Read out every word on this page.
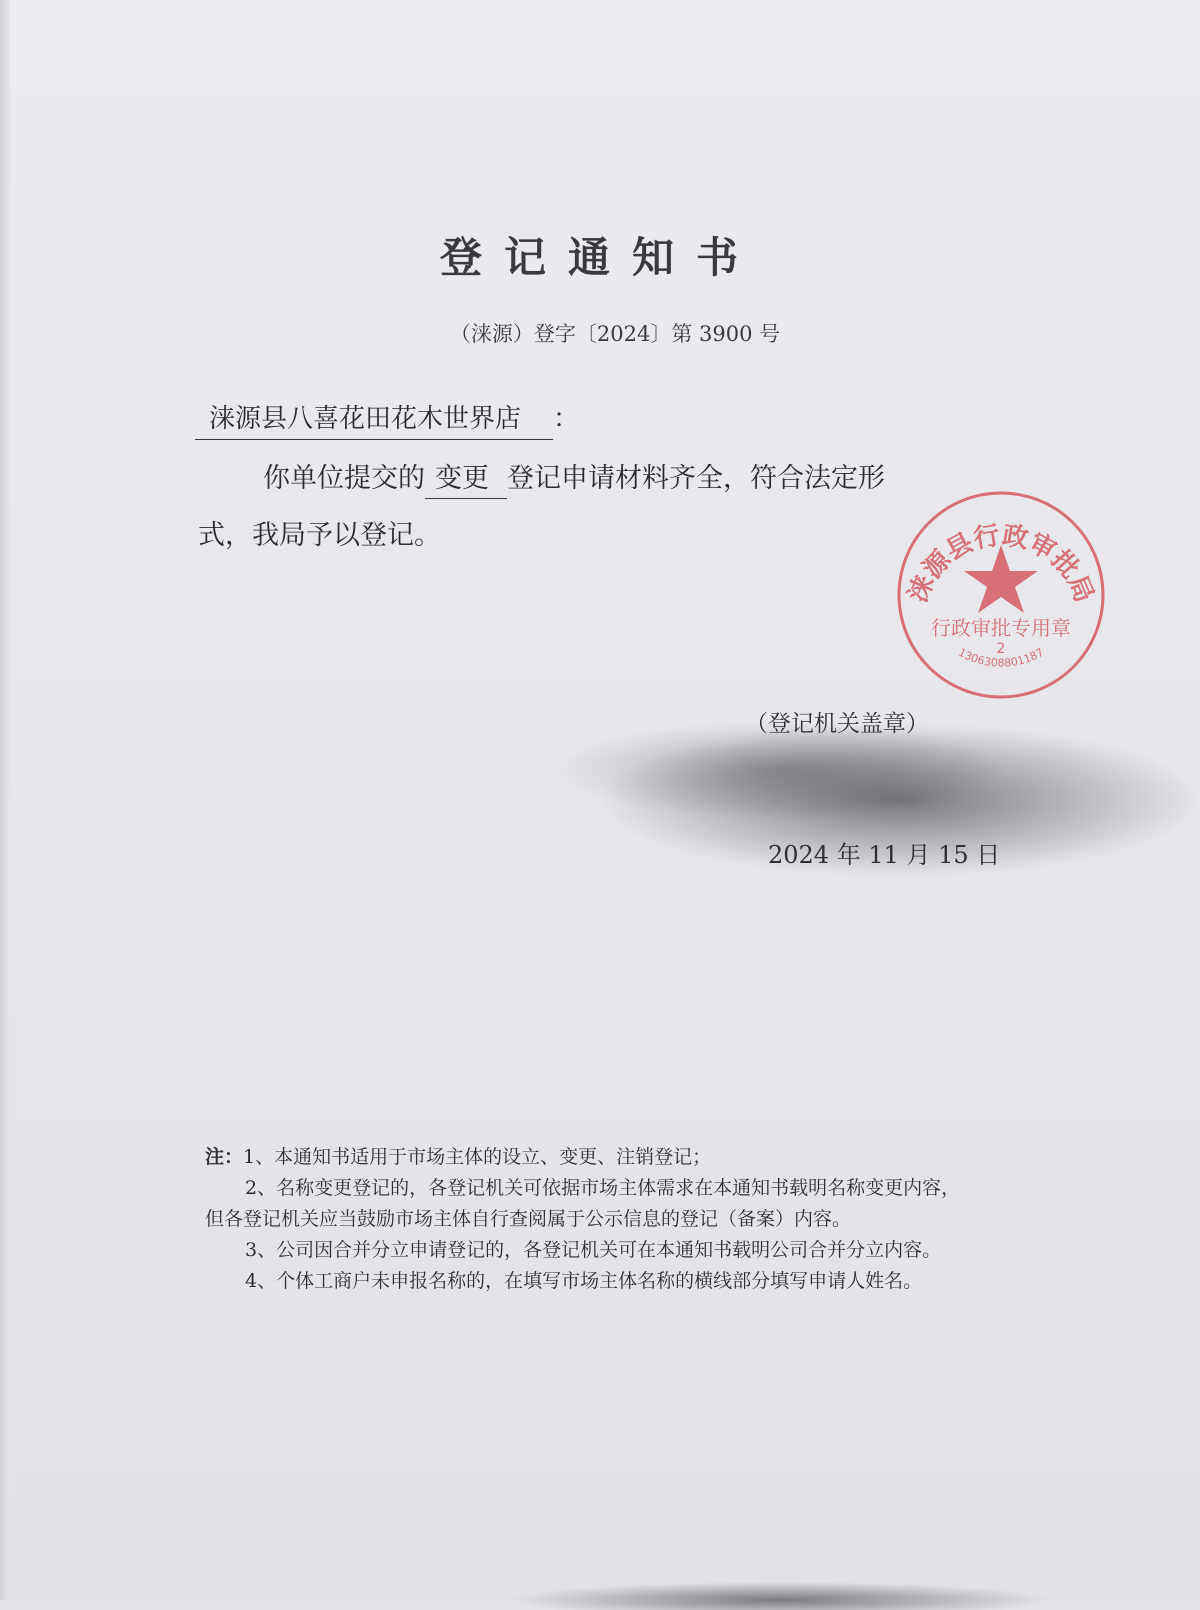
登记通知书
（涞源）登字〔2024〕第 3900 号
涞源县八喜花田花木世界店 ：
你单位提交的 变更 登记申请材料齐全，符合法定形
式，我局予以登记。
涞源县行政审批局
行政审批专用章
2
1306308801187
（登记机关盖章）
2024 年 11 月 15 日
注：1、本通知书适用于市场主体的设立、变更、注销登记；
2、名称变更登记的，各登记机关可依据市场主体需求在本通知书载明名称变更内容，
但各登记机关应当鼓励市场主体自行查阅属于公示信息的登记（备案）内容。
3、公司因合并分立申请登记的，各登记机关可在本通知书载明公司合并分立内容。
4、个体工商户未申报名称的，在填写市场主体名称的横线部分填写申请人姓名。
